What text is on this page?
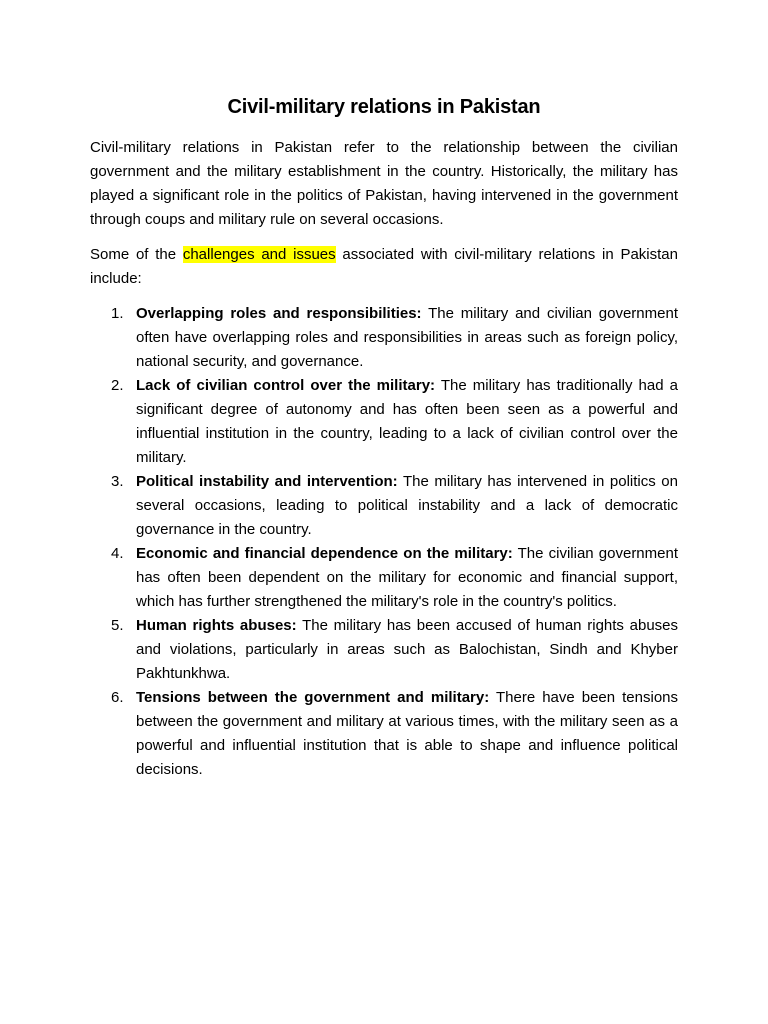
Civil-military relations in Pakistan

Civil-military relations in Pakistan refer to the relationship between the civilian government and the military establishment in the country. Historically, the military has played a significant role in the politics of Pakistan, having intervened in the government through coups and military rule on several occasions.

Some of the challenges and issues associated with civil-military relations in Pakistan include:

1. Overlapping roles and responsibilities: The military and civilian government often have overlapping roles and responsibilities in areas such as foreign policy, national security, and governance.
2. Lack of civilian control over the military: The military has traditionally had a significant degree of autonomy and has often been seen as a powerful and influential institution in the country, leading to a lack of civilian control over the military.
3. Political instability and intervention: The military has intervened in politics on several occasions, leading to political instability and a lack of democratic governance in the country.
4. Economic and financial dependence on the military: The civilian government has often been dependent on the military for economic and financial support, which has further strengthened the military's role in the country's politics.
5. Human rights abuses: The military has been accused of human rights abuses and violations, particularly in areas such as Balochistan, Sindh and Khyber Pakhtunkhwa.
6. Tensions between the government and military: There have been tensions between the government and military at various times, with the military seen as a powerful and influential institution that is able to shape and influence political decisions.
